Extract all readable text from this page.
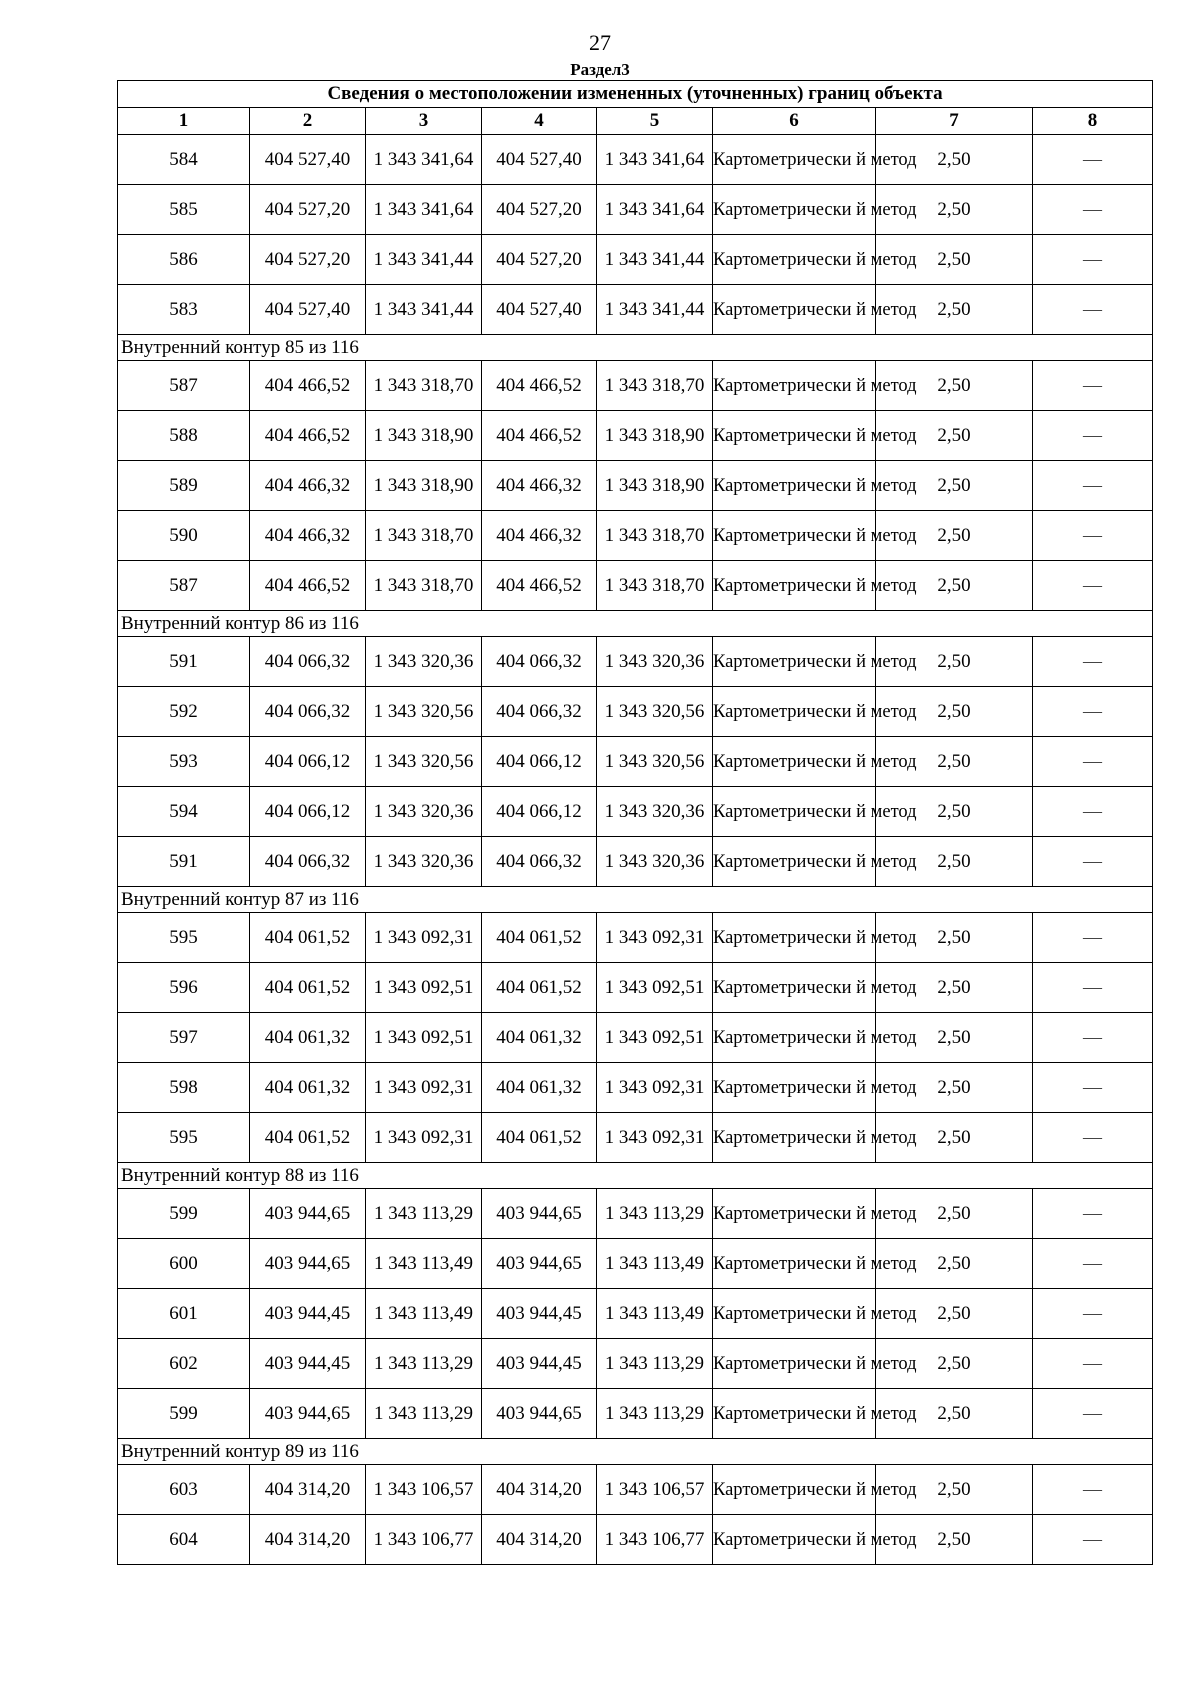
27
Раздел3
Сведения о местоположении измененных (уточненных) границ объекта							
1	2	3	4	5	6	7	8
584	404 527,40	1 343 341,64	404 527,40	1 343 341,64	Картометрически й метод	2,50	—
585	404 527,20	1 343 341,64	404 527,20	1 343 341,64	Картометрически й метод	2,50	—
586	404 527,20	1 343 341,44	404 527,20	1 343 341,44	Картометрически й метод	2,50	—
583	404 527,40	1 343 341,44	404 527,40	1 343 341,44	Картометрически й метод	2,50	—
Внутренний контур 85 из 116							
587	404 466,52	1 343 318,70	404 466,52	1 343 318,70	Картометрически й метод	2,50	—
588	404 466,52	1 343 318,90	404 466,52	1 343 318,90	Картометрически й метод	2,50	—
589	404 466,32	1 343 318,90	404 466,32	1 343 318,90	Картометрически й метод	2,50	—
590	404 466,32	1 343 318,70	404 466,32	1 343 318,70	Картометрически й метод	2,50	—
587	404 466,52	1 343 318,70	404 466,52	1 343 318,70	Картометрически й метод	2,50	—
Внутренний контур 86 из 116							
591	404 066,32	1 343 320,36	404 066,32	1 343 320,36	Картометрически й метод	2,50	—
592	404 066,32	1 343 320,56	404 066,32	1 343 320,56	Картометрически й метод	2,50	—
593	404 066,12	1 343 320,56	404 066,12	1 343 320,56	Картометрически й метод	2,50	—
594	404 066,12	1 343 320,36	404 066,12	1 343 320,36	Картометрически й метод	2,50	—
591	404 066,32	1 343 320,36	404 066,32	1 343 320,36	Картометрически й метод	2,50	—
Внутренний контур 87 из 116							
595	404 061,52	1 343 092,31	404 061,52	1 343 092,31	Картометрически й метод	2,50	—
596	404 061,52	1 343 092,51	404 061,52	1 343 092,51	Картометрически й метод	2,50	—
597	404 061,32	1 343 092,51	404 061,32	1 343 092,51	Картометрически й метод	2,50	—
598	404 061,32	1 343 092,31	404 061,32	1 343 092,31	Картометрически й метод	2,50	—
595	404 061,52	1 343 092,31	404 061,52	1 343 092,31	Картометрически й метод	2,50	—
Внутренний контур 88 из 116							
599	403 944,65	1 343 113,29	403 944,65	1 343 113,29	Картометрически й метод	2,50	—
600	403 944,65	1 343 113,49	403 944,65	1 343 113,49	Картометрически й метод	2,50	—
601	403 944,45	1 343 113,49	403 944,45	1 343 113,49	Картометрически й метод	2,50	—
602	403 944,45	1 343 113,29	403 944,45	1 343 113,29	Картометрически й метод	2,50	—
599	403 944,65	1 343 113,29	403 944,65	1 343 113,29	Картометрически й метод	2,50	—
Внутренний контур 89 из 116							
603	404 314,20	1 343 106,57	404 314,20	1 343 106,57	Картометрически й метод	2,50	—
604	404 314,20	1 343 106,77	404 314,20	1 343 106,77	Картометрически й метод	2,50	—
